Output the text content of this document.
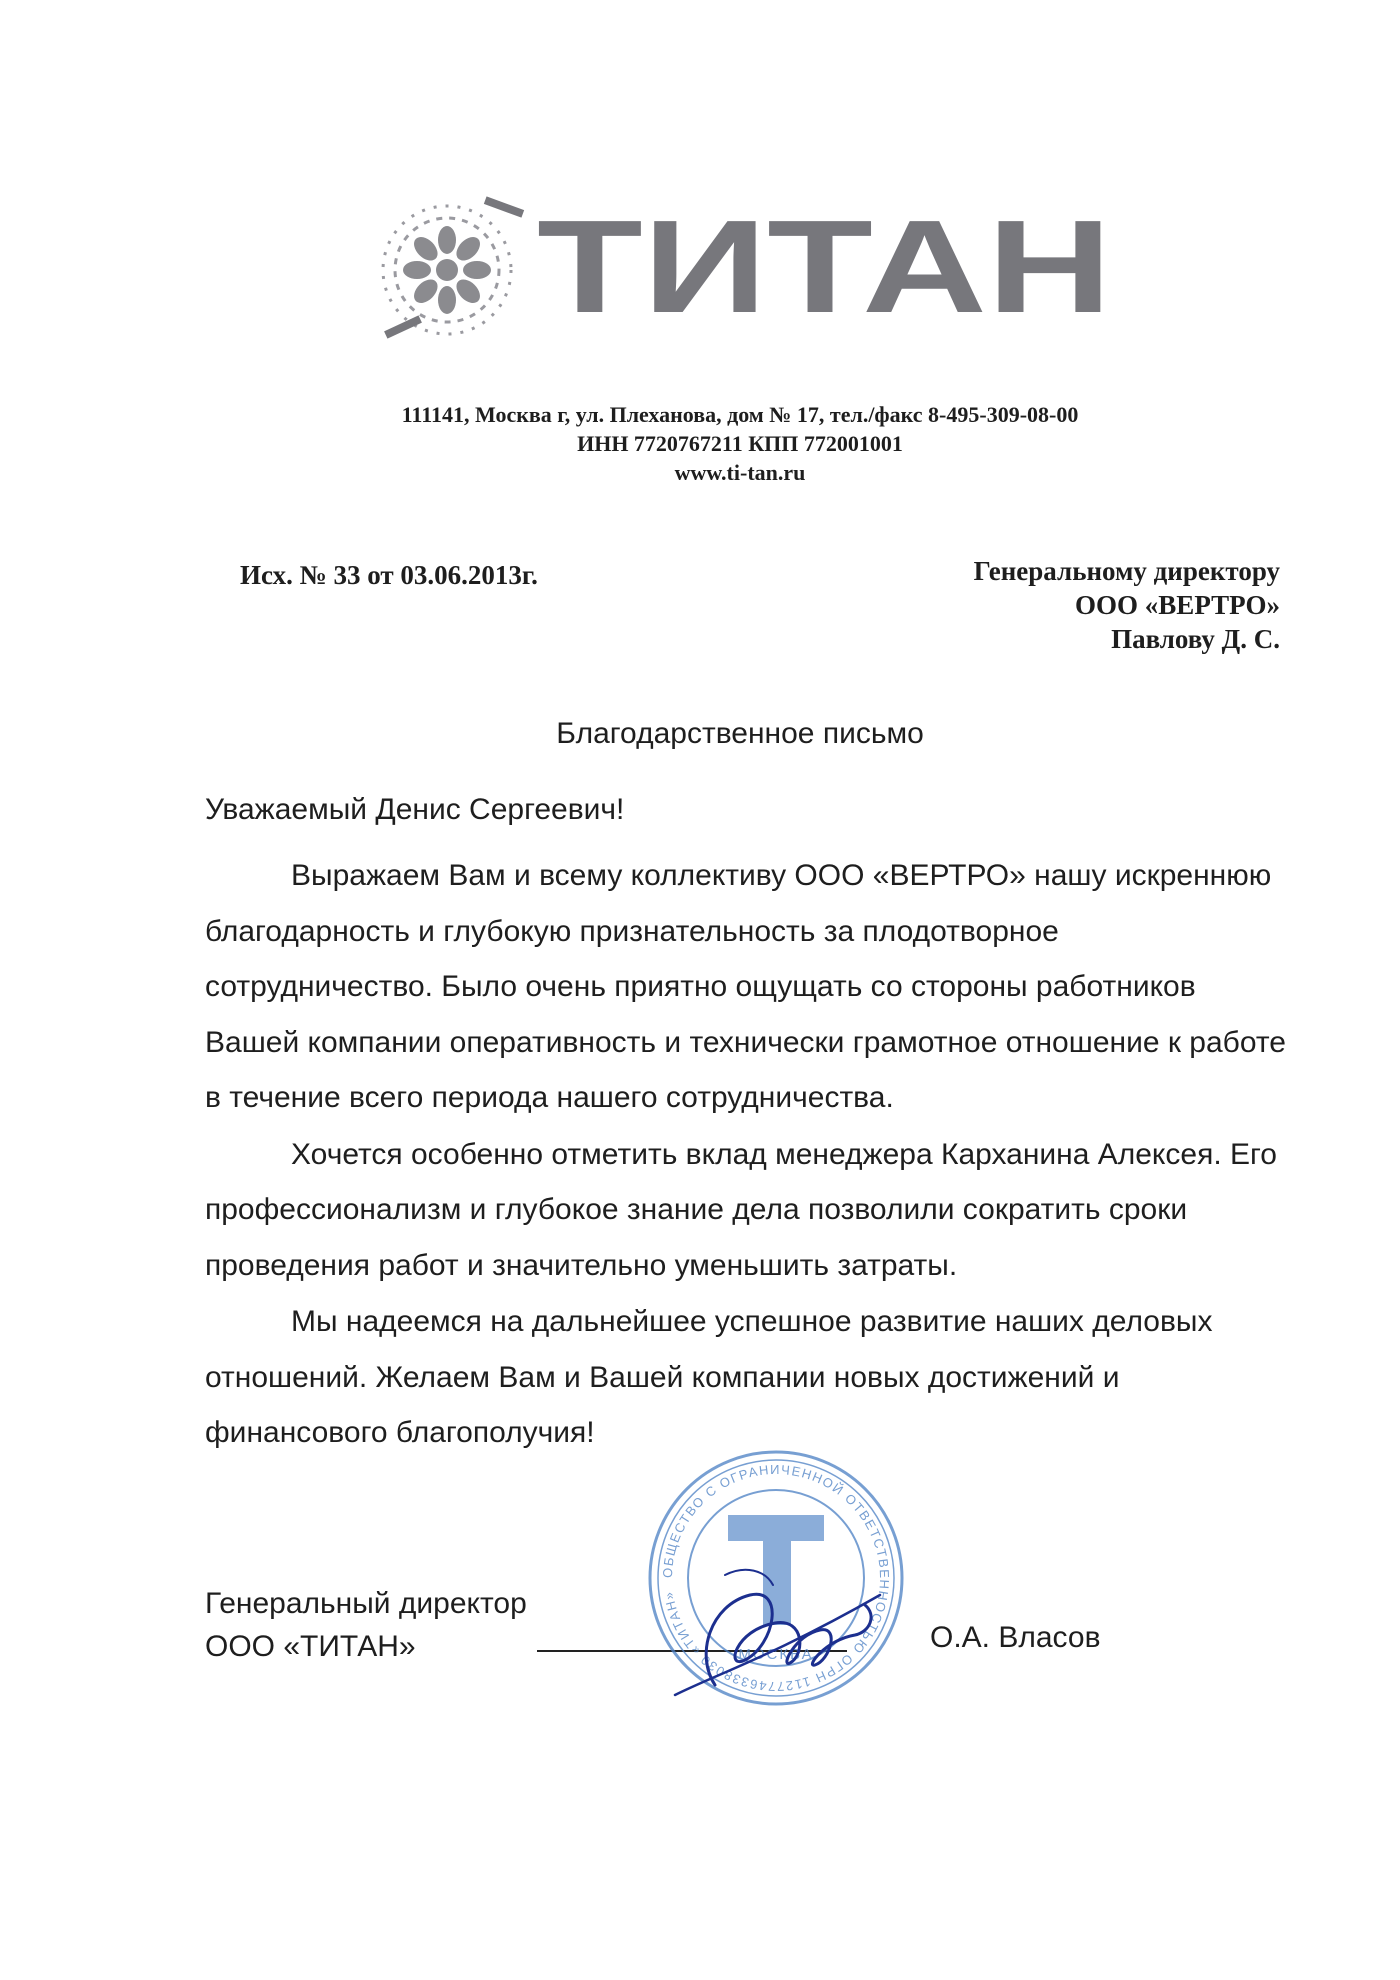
ТИТАН
111141, Москва г, ул. Плеханова, дом № 17, тел./факс 8-495-309-08-00
ИНН 7720767211 КПП 772001001
www.ti-tan.ru
Исх. № 33 от 03.06.2013г.	Генеральному директору
ООО «ВЕРТРО»
Павлову Д. С.
Благодарственное письмо
Уважаемый Денис Сергеевич!

Выражаем Вам и всему коллективу ООО «ВЕРТРО» нашу искреннюю благодарность и глубокую признательность за плодотворное сотрудничество. Было очень приятно ощущать со стороны работников Вашей компании оперативность и технически грамотное отношение к работе в течение всего периода нашего сотрудничества.

Хочется особенно отметить вклад менеджера Карханина Алексея. Его профессионализм и глубокое знание дела позволили сократить сроки проведения работ и значительно уменьшить затраты.

Мы надеемся на дальнейшее успешное развитие наших деловых отношений. Желаем Вам и Вашей компании новых достижений и финансового благополучия!

Генеральный директор
ООО «ТИТАН»
ОБЩЕСТВО С ОГРАНИЧЕННОЙ ОТВЕТСТВЕННОСТЬЮ ОГРН 1127746338030 «ТИТАН»
МОСКВА
О.А. Власов
